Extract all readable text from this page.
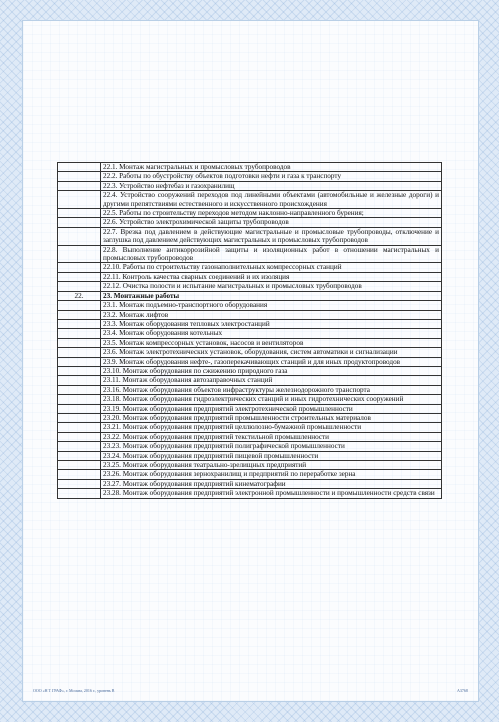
	22.1. Монтаж магистральных и промысловых трубопроводов
	22.2. Работы по обустройству объектов подготовки нефти и газа к транспорту
	22.3. Устройство нефтебаз и газохранилищ
	22.4. Устройство сооружений переходов под линейными объектами (автомобильные и железные дороги) и другими препятствиями естественного и искусственного происхождения
	22.5. Работы по строительству переходов методом наклонно-направленного бурения;
	22.6. Устройство электрохимической защиты трубопроводов
	22.7. Врезка под давлением в действующие магистральные и промысловые трубопроводы, отключение и заглушка под давлением действующих магистральных и промысловых трубопроводов
	22.8. Выполнение антикоррозийной защиты и изоляционных работ в отношении магистральных и промысловых трубопроводов
	22.10. Работы по строительству газонаполнительных компрессорных станций
	22.11. Контроль качества сварных соединений и их изоляция
	22.12. Очистка полости и испытание магистральных и промысловых трубопроводов
22.	23. Монтажные работы
	23.1. Монтаж подъемно-транспортного оборудования
	23.2. Монтаж лифтов
	23.3. Монтаж оборудования тепловых электростанций
	23.4. Монтаж оборудования котельных
	23.5. Монтаж компрессорных установок, насосов и вентиляторов
	23.6. Монтаж электротехнических установок, оборудования, систем автоматики и сигнализации
	23.9. Монтаж оборудования нефте-, газоперекачивающих станций и для иных продуктопроводов
	23.10. Монтаж оборудования по сжижению природного газа
	23.11. Монтаж оборудования автозаправочных станций
	23.16. Монтаж оборудования объектов инфраструктуры железнодорожного транспорта
	23.18. Монтаж оборудования гидроэлектрических станций и иных гидротехнических сооружений
	23.19. Монтаж оборудования предприятий электротехнической промышленности
	23.20. Монтаж оборудования предприятий промышленности строительных материалов
	23.21. Монтаж оборудования предприятий целлюлозно-бумажной промышленности
	23.22. Монтаж оборудования предприятий текстильной промышленности
	23.23. Монтаж оборудования предприятий полиграфической промышленности
	23.24. Монтаж оборудования предприятий пищевой промышленности
	23.25. Монтаж оборудования театрально-зрелищных предприятий
	23.26. Монтаж оборудования зернохранилищ и предприятий по переработке зерна
	23.27. Монтаж оборудования предприятий кинематографии
	23.28. Монтаж оборудования предприятий электронной промышленности и промышленности средств связи
ООО «Н Т ГРАФ», г. Москва, 2016 г., уровень В	A3768
